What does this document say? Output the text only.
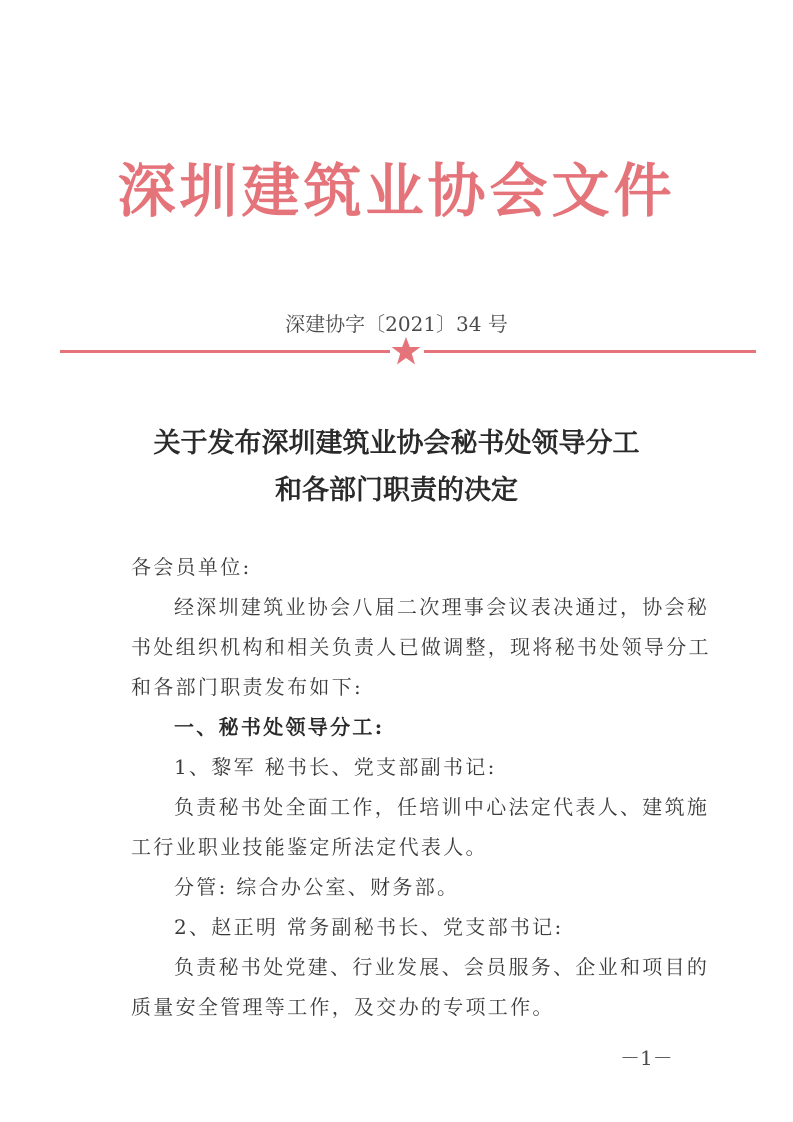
深圳建筑业协会文件
深建协字〔2021〕34 号
关于发布深圳建筑业协会秘书处领导分工
和各部门职责的决定
各会员单位:
经深圳建筑业协会八届二次理事会议表决通过，协会秘
书处组织机构和相关负责人已做调整，现将秘书处领导分工
和各部门职责发布如下:
一、秘书处领导分工:
1、黎军 秘书长、党支部副书记:
负责秘书处全面工作，任培训中心法定代表人、建筑施
工行业职业技能鉴定所法定代表人。
分管: 综合办公室、财务部。
2、赵正明 常务副秘书长、党支部书记:
负责秘书处党建、行业发展、会员服务、企业和项目的
质量安全管理等工作，及交办的专项工作。
－1－
